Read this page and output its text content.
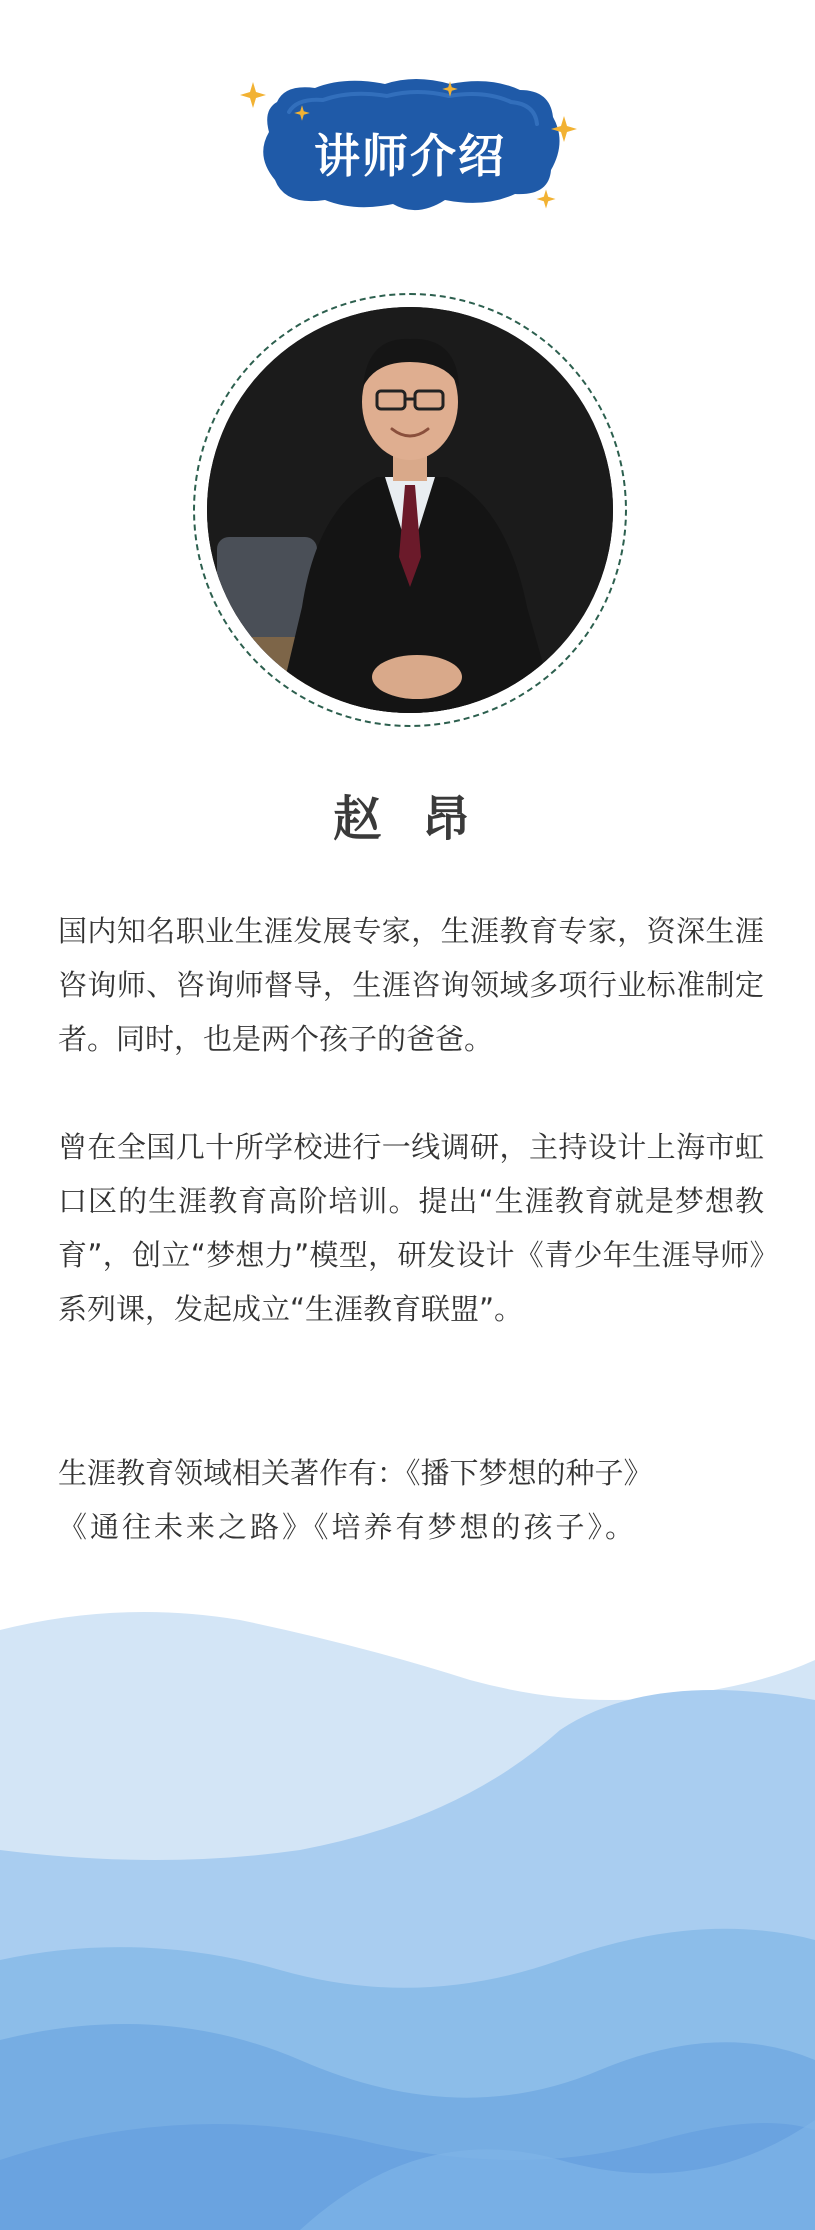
讲师介绍
赵 昂
国内知名职业生涯发展专家，生涯教育专家，资深生涯咨询师、咨询师督导，生涯咨询领域多项行业标准制定者。同时，也是两个孩子的爸爸。
曾在全国几十所学校进行一线调研，主持设计上海市虹口区的生涯教育高阶培训。提出“生涯教育就是梦想教育”，创立“梦想力”模型，研发设计《青少年生涯导师》系列课，发起成立“生涯教育联盟”。
生涯教育领域相关著作有：《播下梦想的种子》
《通往未来之路》《培养有梦想的孩子》。
